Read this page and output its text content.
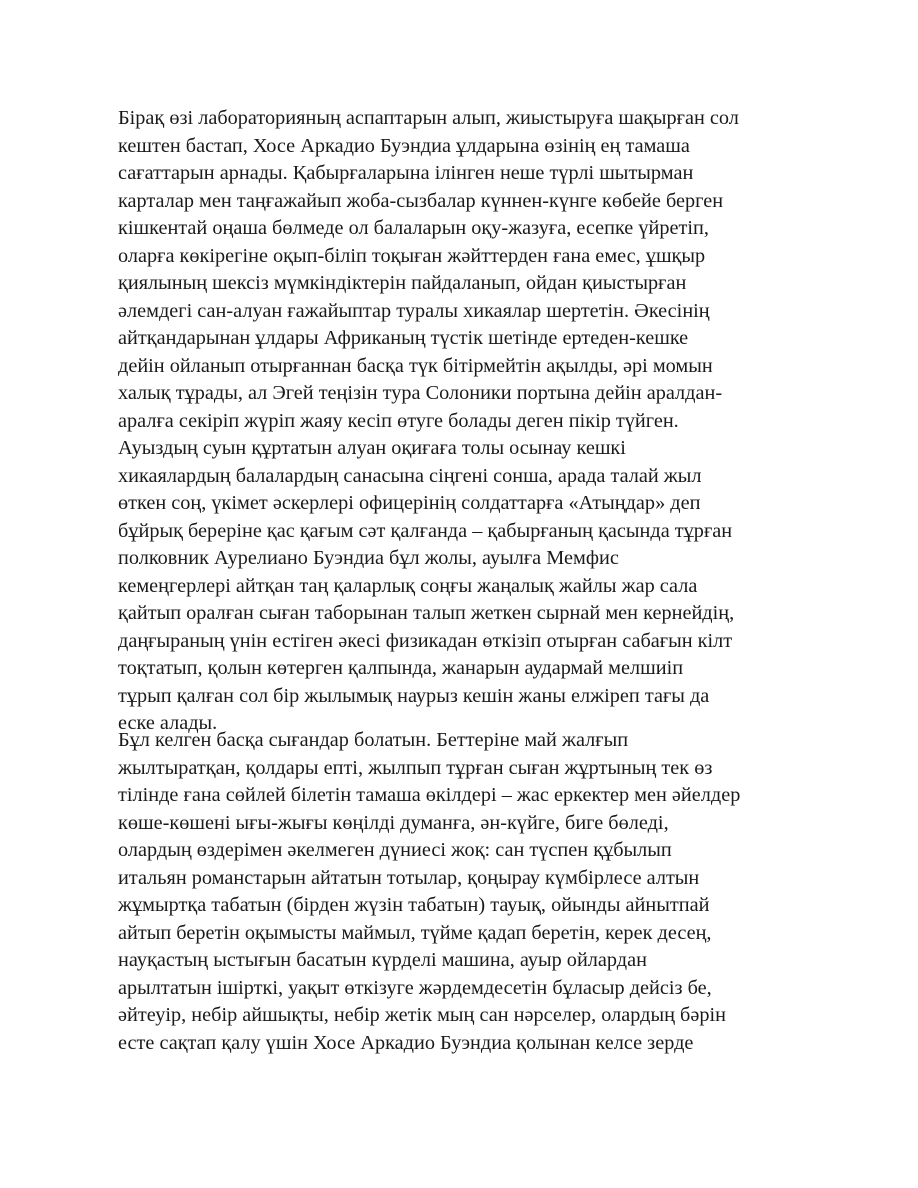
Бірақ өзі лабораторияның аспаптарын алып, жиыстыруға шақырған сол
кештен бастап, Хосе Аркадио Буэндиа ұлдарына өзінің ең тамаша
сағаттарын арнады. Қабырғаларына ілінген неше түрлі шытырман
карталар мен таңғажайып жоба-сызбалар күннен-күнге көбейе берген
кішкентай оңаша бөлмеде ол балаларын оқу-жазуға, есепке үйретіп,
оларға көкірегіне оқып-біліп тоқыған жәйттерден ғана емес, ұшқыр
қиялының шексіз мүмкіндіктерін пайдаланып, ойдан қиыстырған
әлемдегі сан-алуан ғажайыптар туралы хикаялар шертетін. Әкесінің
айтқандарынан ұлдары Африканың түстік шетінде ертеден-кешке
дейін ойланып отырғаннан басқа түк бітірмейтін ақылды, әрі момын
халық тұрады, ал Эгей теңізін тура Солоники портына дейін аралдан-
аралға секіріп жүріп жаяу кесіп өтуге болады деген пікір түйген.
Ауыздың суын құртатын алуан оқиғаға толы осынау кешкі
хикаялардың балалардың санасына сіңгені сонша, арада талай жыл
өткен соң, үкімет әскерлері офицерінің солдаттарға «Атыңдар» деп
бұйрық берерiне қас қағым сәт қалғанда – қабырғаның қасында тұрған
полковник Аурелиано Буэндиа бұл жолы, ауылға Мемфис
кемеңгерлері айтқан таң қаларлық соңғы жаңалық жайлы жар сала
қайтып оралған сыған таборынан талып жеткен сырнай мен кернейдің,
даңғыраның үнін естіген әкесі физикадан өткізіп отырған сабағын кілт
тоқтатып, қолын көтерген қалпында, жанарын аудармай мелшиіп
тұрып қалған сол бір жылымық наурыз кешін жаны елжіреп тағы да
еске алады.
Бұл келген басқа сығандар болатын. Беттеріне май жалғып
жылтыратқан, қолдары епті, жылпып тұрған сыған жұртының тек өз
тілінде ғана сөйлей білетін тамаша өкілдері – жас еркектер мен әйелдер
көше-көшені ығы-жығы көңілді думанға, ән-күйге, биге бөледі,
олардың өздерімен әкелмеген дүниесі жоқ: сан түспен құбылып
итальян романстарын айтатын тотылар, қоңырау күмбірлесе алтын
жұмыртқа табатын (бірден жүзін табатын) тауық, ойынды айнытпай
айтып беретін оқымысты маймыл, түйме қадап беретін, керек десең,
науқастың ыстығын басатын күрделі машина, ауыр ойлардан
арылтатын ішірткі, уақыт өткізуге жәрдемдесетін бұласыр дейсіз бе,
әйтеуір, небір айшықты, небір жетік мың сан нәрселер, олардың бәрін
есте сақтап қалу үшін Хосе Аркадио Буэндиа қолынан келсе зерде
